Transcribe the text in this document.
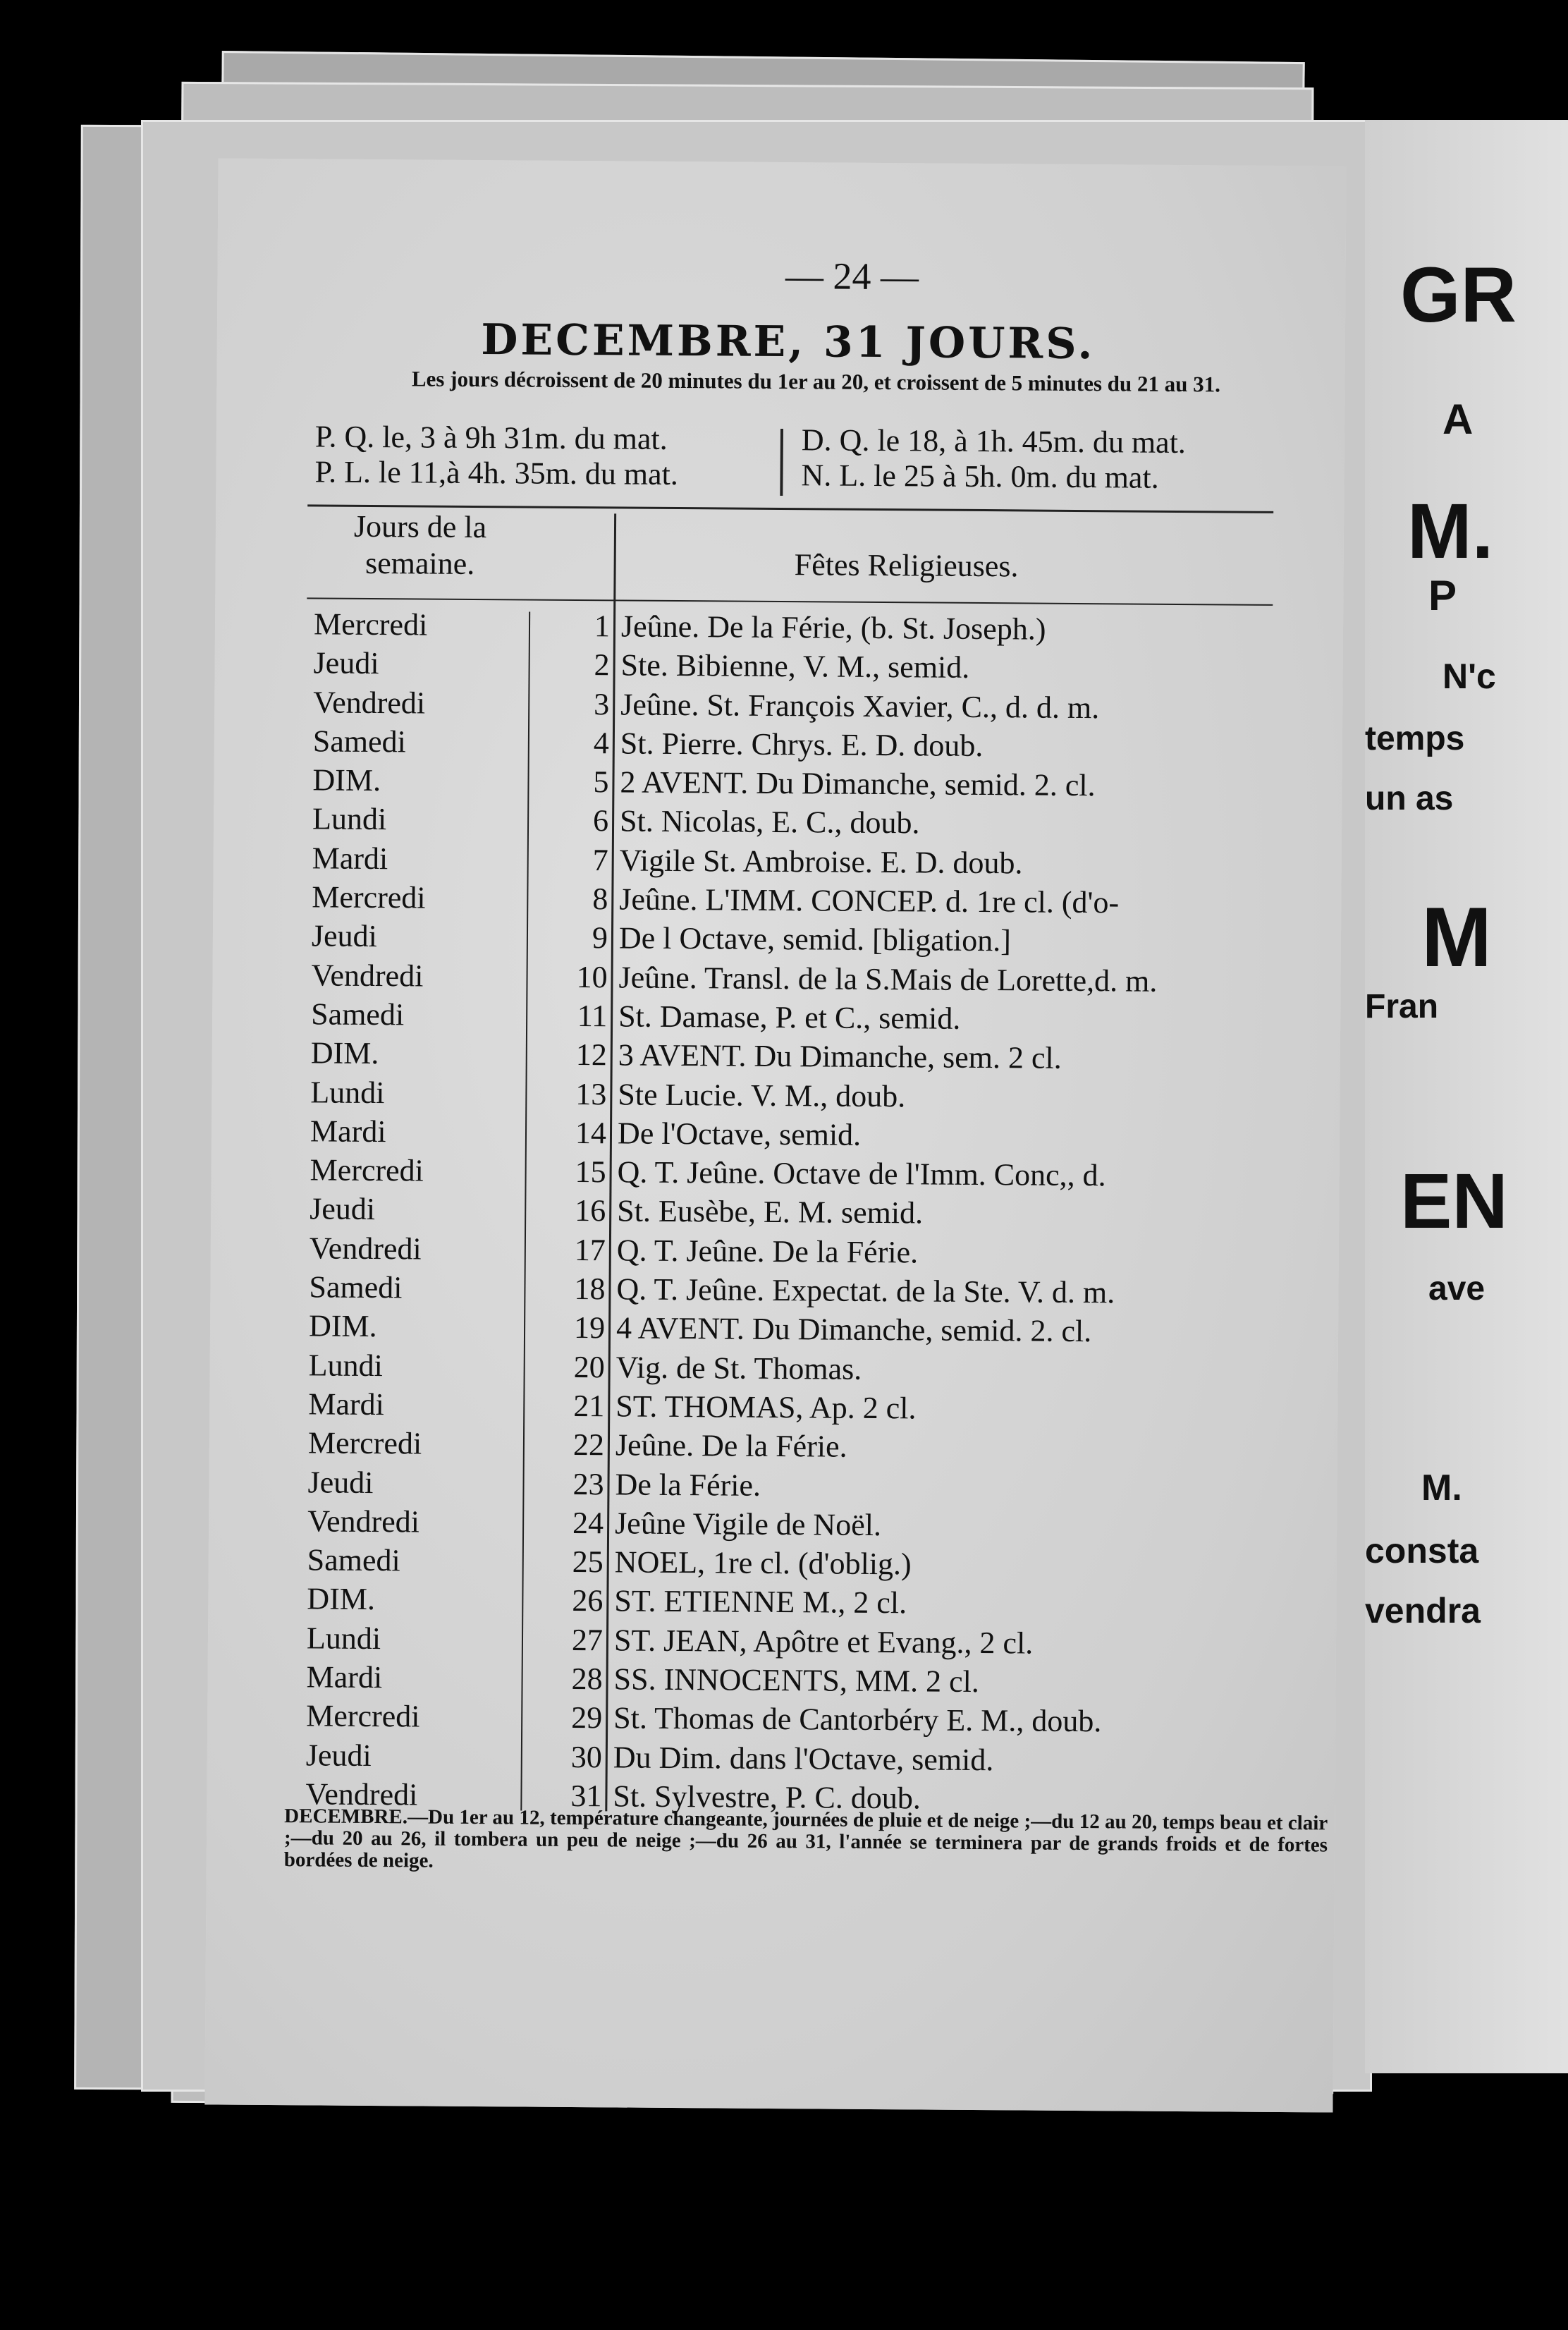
— 24 —
DECEMBRE, 31 JOURS.
Les jours décroissent de 20 minutes du 1er au 20, et croissent de 5 minutes du 21 au 31.
P. Q. le, 3 à 9h 31m. du mat.
P. L. le 11,à 4h. 35m. du mat.
D. Q. le 18, à 1h. 45m. du mat.
N. L. le 25 à 5h. 0m. du mat.
Jours de la semaine.	Fêtes Religieuses.
Mercredi	1 Jeûne. De la Férie, (b. St. Joseph.)
Jeudi	2 Ste. Bibienne, V. M., semid.
Vendredi	3 Jeûne. St. François Xavier, C., d. d. m.
Samedi	4 St. Pierre. Chrys. E. D. doub.
DIM.	5 2 AVENT. Du Dimanche, semid. 2. cl.
Lundi	6 St. Nicolas, E. C., doub.
Mardi	7 Vigile St. Ambroise. E. D. doub.
Mercredi	8 Jeûne. L'IMM. CONCEP. d. 1re cl. (d'o-
Jeudi	9 De l Octave, semid. [bligation.]
Vendredi	10 Jeûne. Transl. de la S.Mais de Lorette,d. m.
Samedi	11 St. Damase, P. et C., semid.
DIM.	12 3 AVENT. Du Dimanche, sem. 2 cl.
Lundi	13 Ste Lucie. V. M., doub.
Mardi	14 De l'Octave, semid.
Mercredi	15 Q. T. Jeûne. Octave de l'Imm. Conc,, d.
Jeudi	16 St. Eusèbe, E. M. semid.
Vendredi	17 Q. T. Jeûne. De la Férie.
Samedi	18 Q. T. Jeûne. Expectat. de la Ste. V. d. m.
DIM.	19 4 AVENT. Du Dimanche, semid. 2. cl.
Lundi	20 Vig. de St. Thomas.
Mardi	21 ST. THOMAS, Ap. 2 cl.
Mercredi	22 Jeûne. De la Férie.
Jeudi	23 De la Férie.
Vendredi	24 Jeûne Vigile de Noël.
Samedi	25 NOEL, 1re cl. (d'oblig.)
DIM.	26 ST. ETIENNE M., 2 cl.
Lundi	27 ST. JEAN, Apôtre et Evang., 2 cl.
Mardi	28 SS. INNOCENTS, MM. 2 cl.
Mercredi	29 St. Thomas de Cantorbéry E. M., doub.
Jeudi	30 Du Dim. dans l'Octave, semid.
Vendredi	31 St. Sylvestre, P. C. doub.
DECEMBRE.—Du 1er au 12, température changeante, journées de pluie et de neige ;—du 12 au 20, temps beau et clair ;—du 20 au 26, il tombera un peu de neige ;—du 26 au 31, l'année se terminera par de grands froids et de fortes bordées de neige.
GR
A
M.
P
N'c
temps
un as
M
Fran
EN
ave
M.
consta
vendra
